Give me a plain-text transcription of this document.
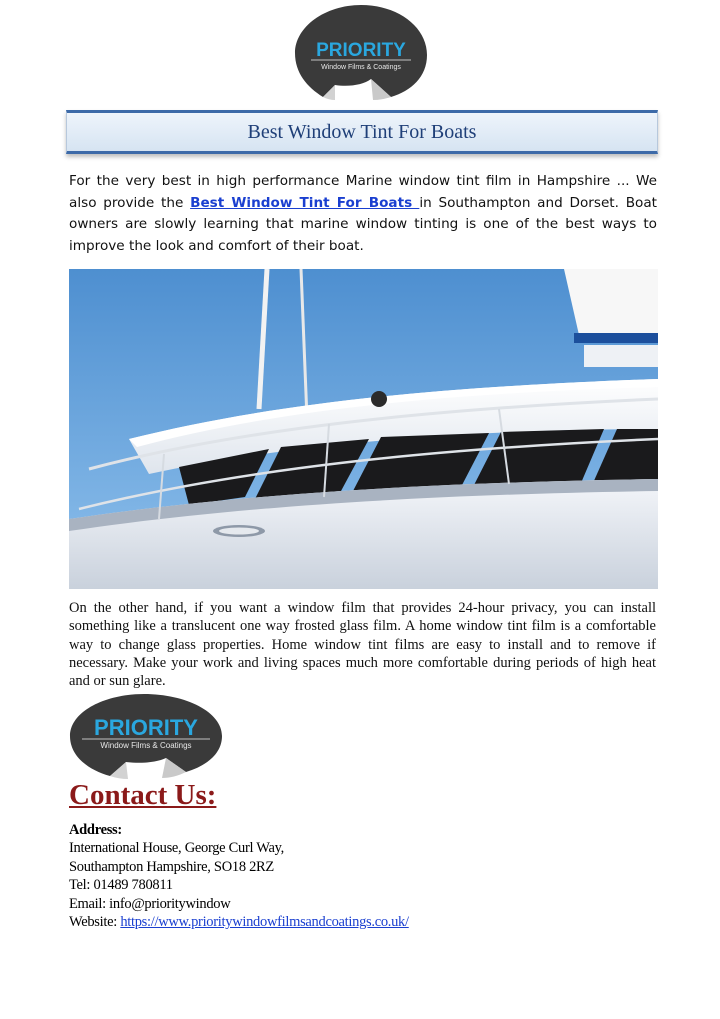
PRIORITY
Window Films & Coatings
Best Window Tint For Boats

For the very best in high performance Marine window tint film in Hampshire ... We also provide the Best Window Tint For Boats in Southampton and Dorset. Boat owners are slowly learning that marine window tinting is one of the best ways to improve the look and comfort of their boat.

On the other hand, if you want a window film that provides 24-hour privacy, you can install something like a translucent one way frosted glass film. A home window tint film is a comfortable way to change glass properties. Home window tint films are easy to install and to remove if necessary. Make your work and living spaces much more comfortable during periods of high heat and or sun glare.

PRIORITY
Window Films & Coatings
Contact Us:
Address:
International House, George Curl Way,
Southampton Hampshire, SO18 2RZ
Tel: 01489 780811
Email: info@prioritywindow
Website: https://www.prioritywindowfilmsandcoatings.co.uk/
